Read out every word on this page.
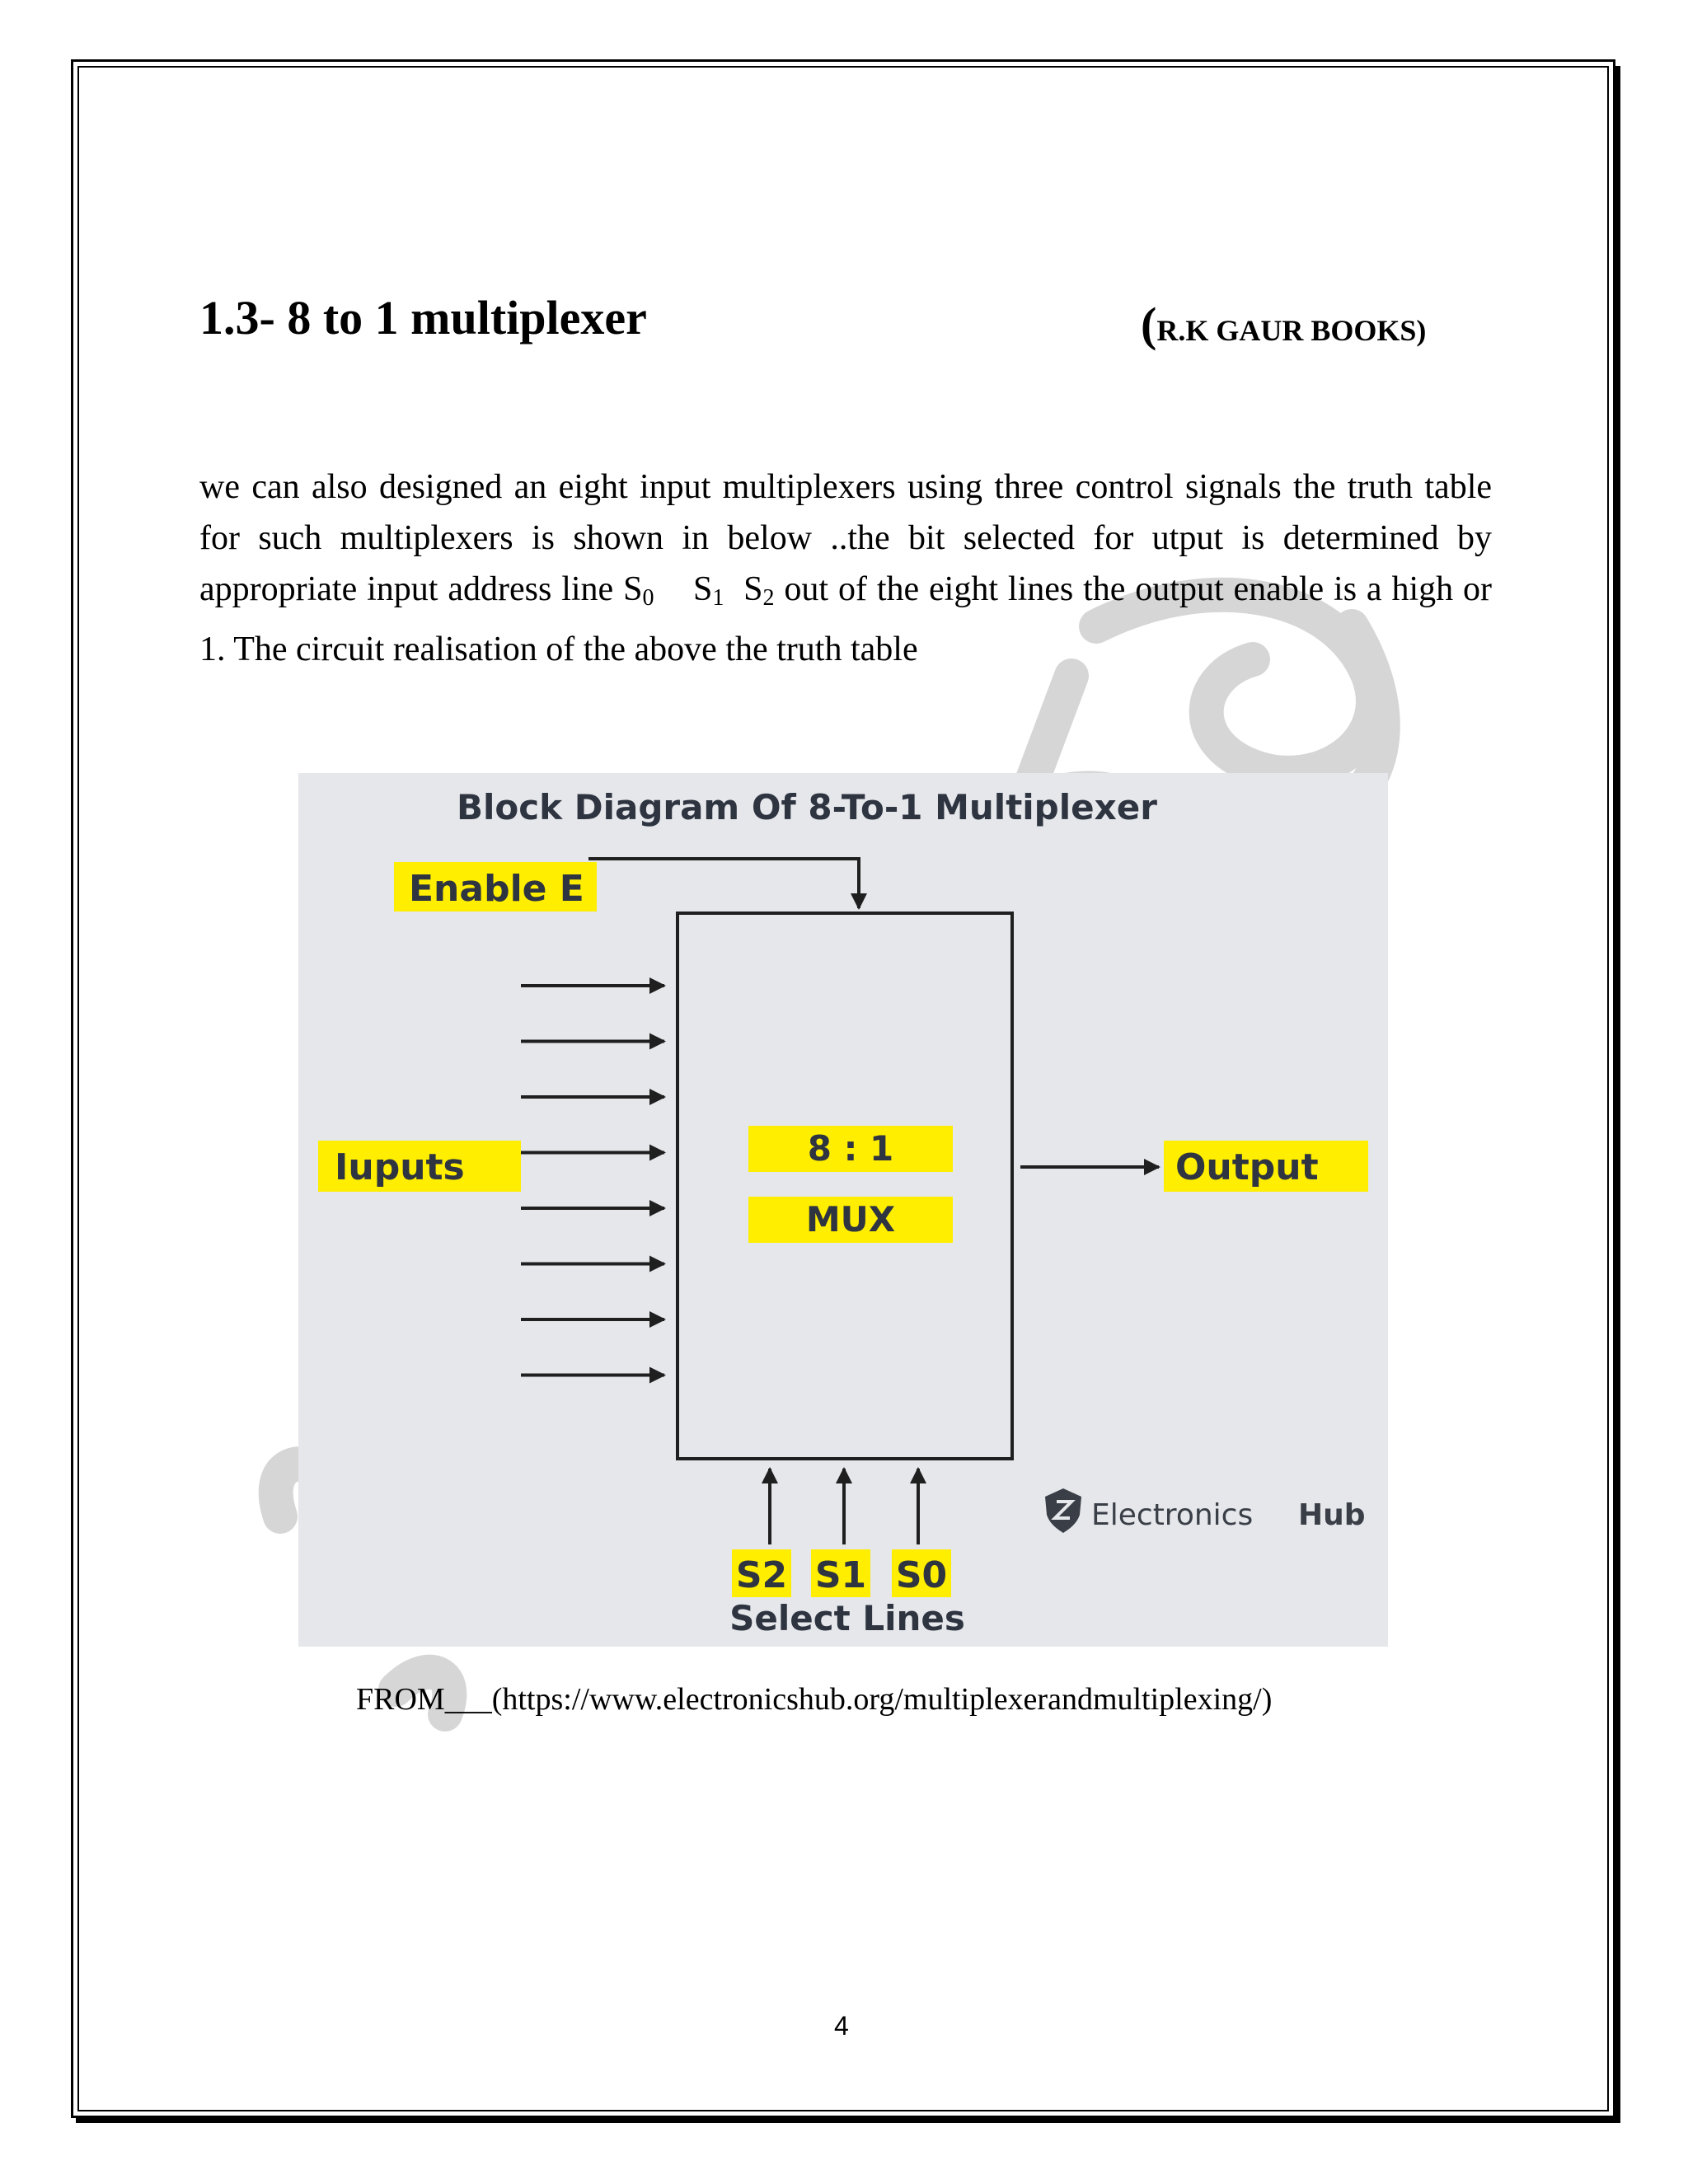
1.3- 8 to 1 multiplexer	(R.K GAUR BOOKS)
we can also designed an eight input multiplexers using three control signals the truth table for such multiplexers is shown in below ..the bit selected for utput is determined by appropriate input address line $S_0$    $S_1$  $S_2$ out of the eight lines the output enable is a high or 1. The circuit realisation of the above the truth table
Block Diagram Of 8-To-1 Multiplexer
Enable E
8 : 1
MUX
Iuputs	Output
S2 S1 S0
Select Lines
Electronics Hub
FROM___(https://www.electronicshub.org/multiplexerandmultiplexing/)
4
